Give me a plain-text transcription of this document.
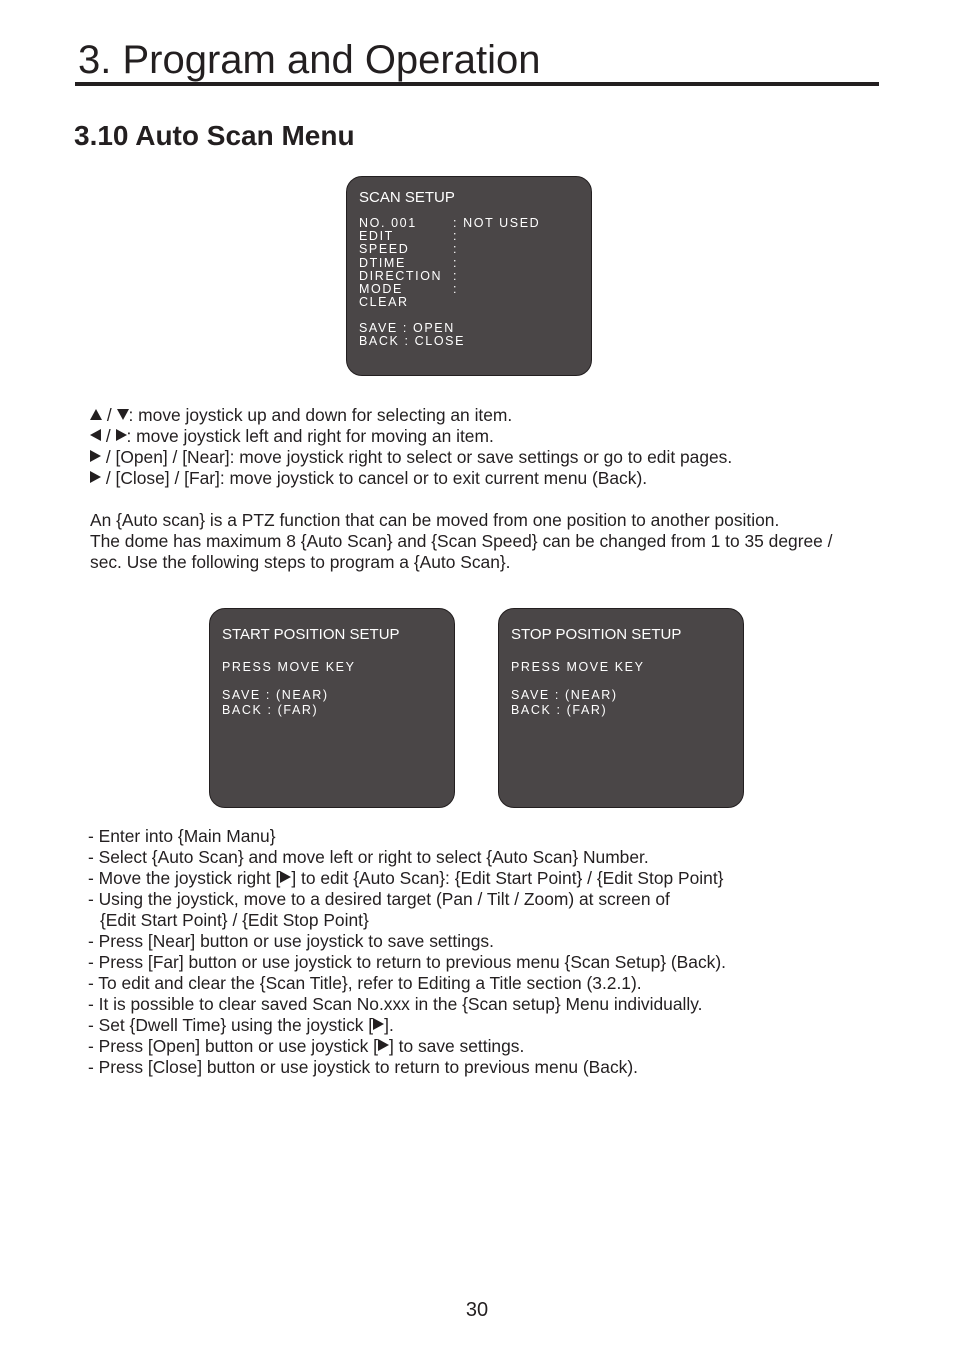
3. Program and Operation
3.10 Auto Scan Menu
SCAN SETUP
NO. 001	: NOT USED
EDIT	:
SPEED	:
DTIME	:
DIRECTION :
MODE	:
CLEAR
SAVE : OPEN
BACK : CLOSE
/ : move joystick up and down for selecting an item.
/ : move joystick left and right for moving an item.
/ [Open] / [Near]: move joystick right to select or save settings or go to edit pages.
/ [Close] / [Far]: move joystick to cancel or to exit current menu (Back).

An {Auto scan} is a PTZ function that can be moved from one position to another position.

The dome has maximum 8 {Auto Scan} and {Scan Speed} can be changed from 1 to 35 degree /

sec. Use the following steps to program a {Auto Scan}.

START POSITION SETUP
PRESS MOVE KEY
SAVE : (NEAR)
BACK : (FAR)
STOP POSITION SETUP
PRESS MOVE KEY
SAVE : (NEAR)
BACK : (FAR)

- Enter into {Main Manu}

- Select {Auto Scan} and move left or right to select {Auto Scan} Number.

- Move the joystick right [ ] to edit {Auto Scan}: {Edit Start Point} / {Edit Stop Point}

- Using the joystick, move to a desired target (Pan / Tilt / Zoom) at screen of

{Edit Start Point} / {Edit Stop Point}

- Press [Near] button or use joystick to save settings.

- Press [Far] button or use joystick to return to previous menu {Scan Setup} (Back).

- To edit and clear the {Scan Title}, refer to Editing a Title section (3.2.1).

- It is possible to clear saved Scan No.xxx in the {Scan setup} Menu individually.

- Set {Dwell Time} using the joystick [ ].
- Press [Open] button or use joystick [ ] to save settings.

- Press [Close] button or use joystick to return to previous menu (Back).

30
